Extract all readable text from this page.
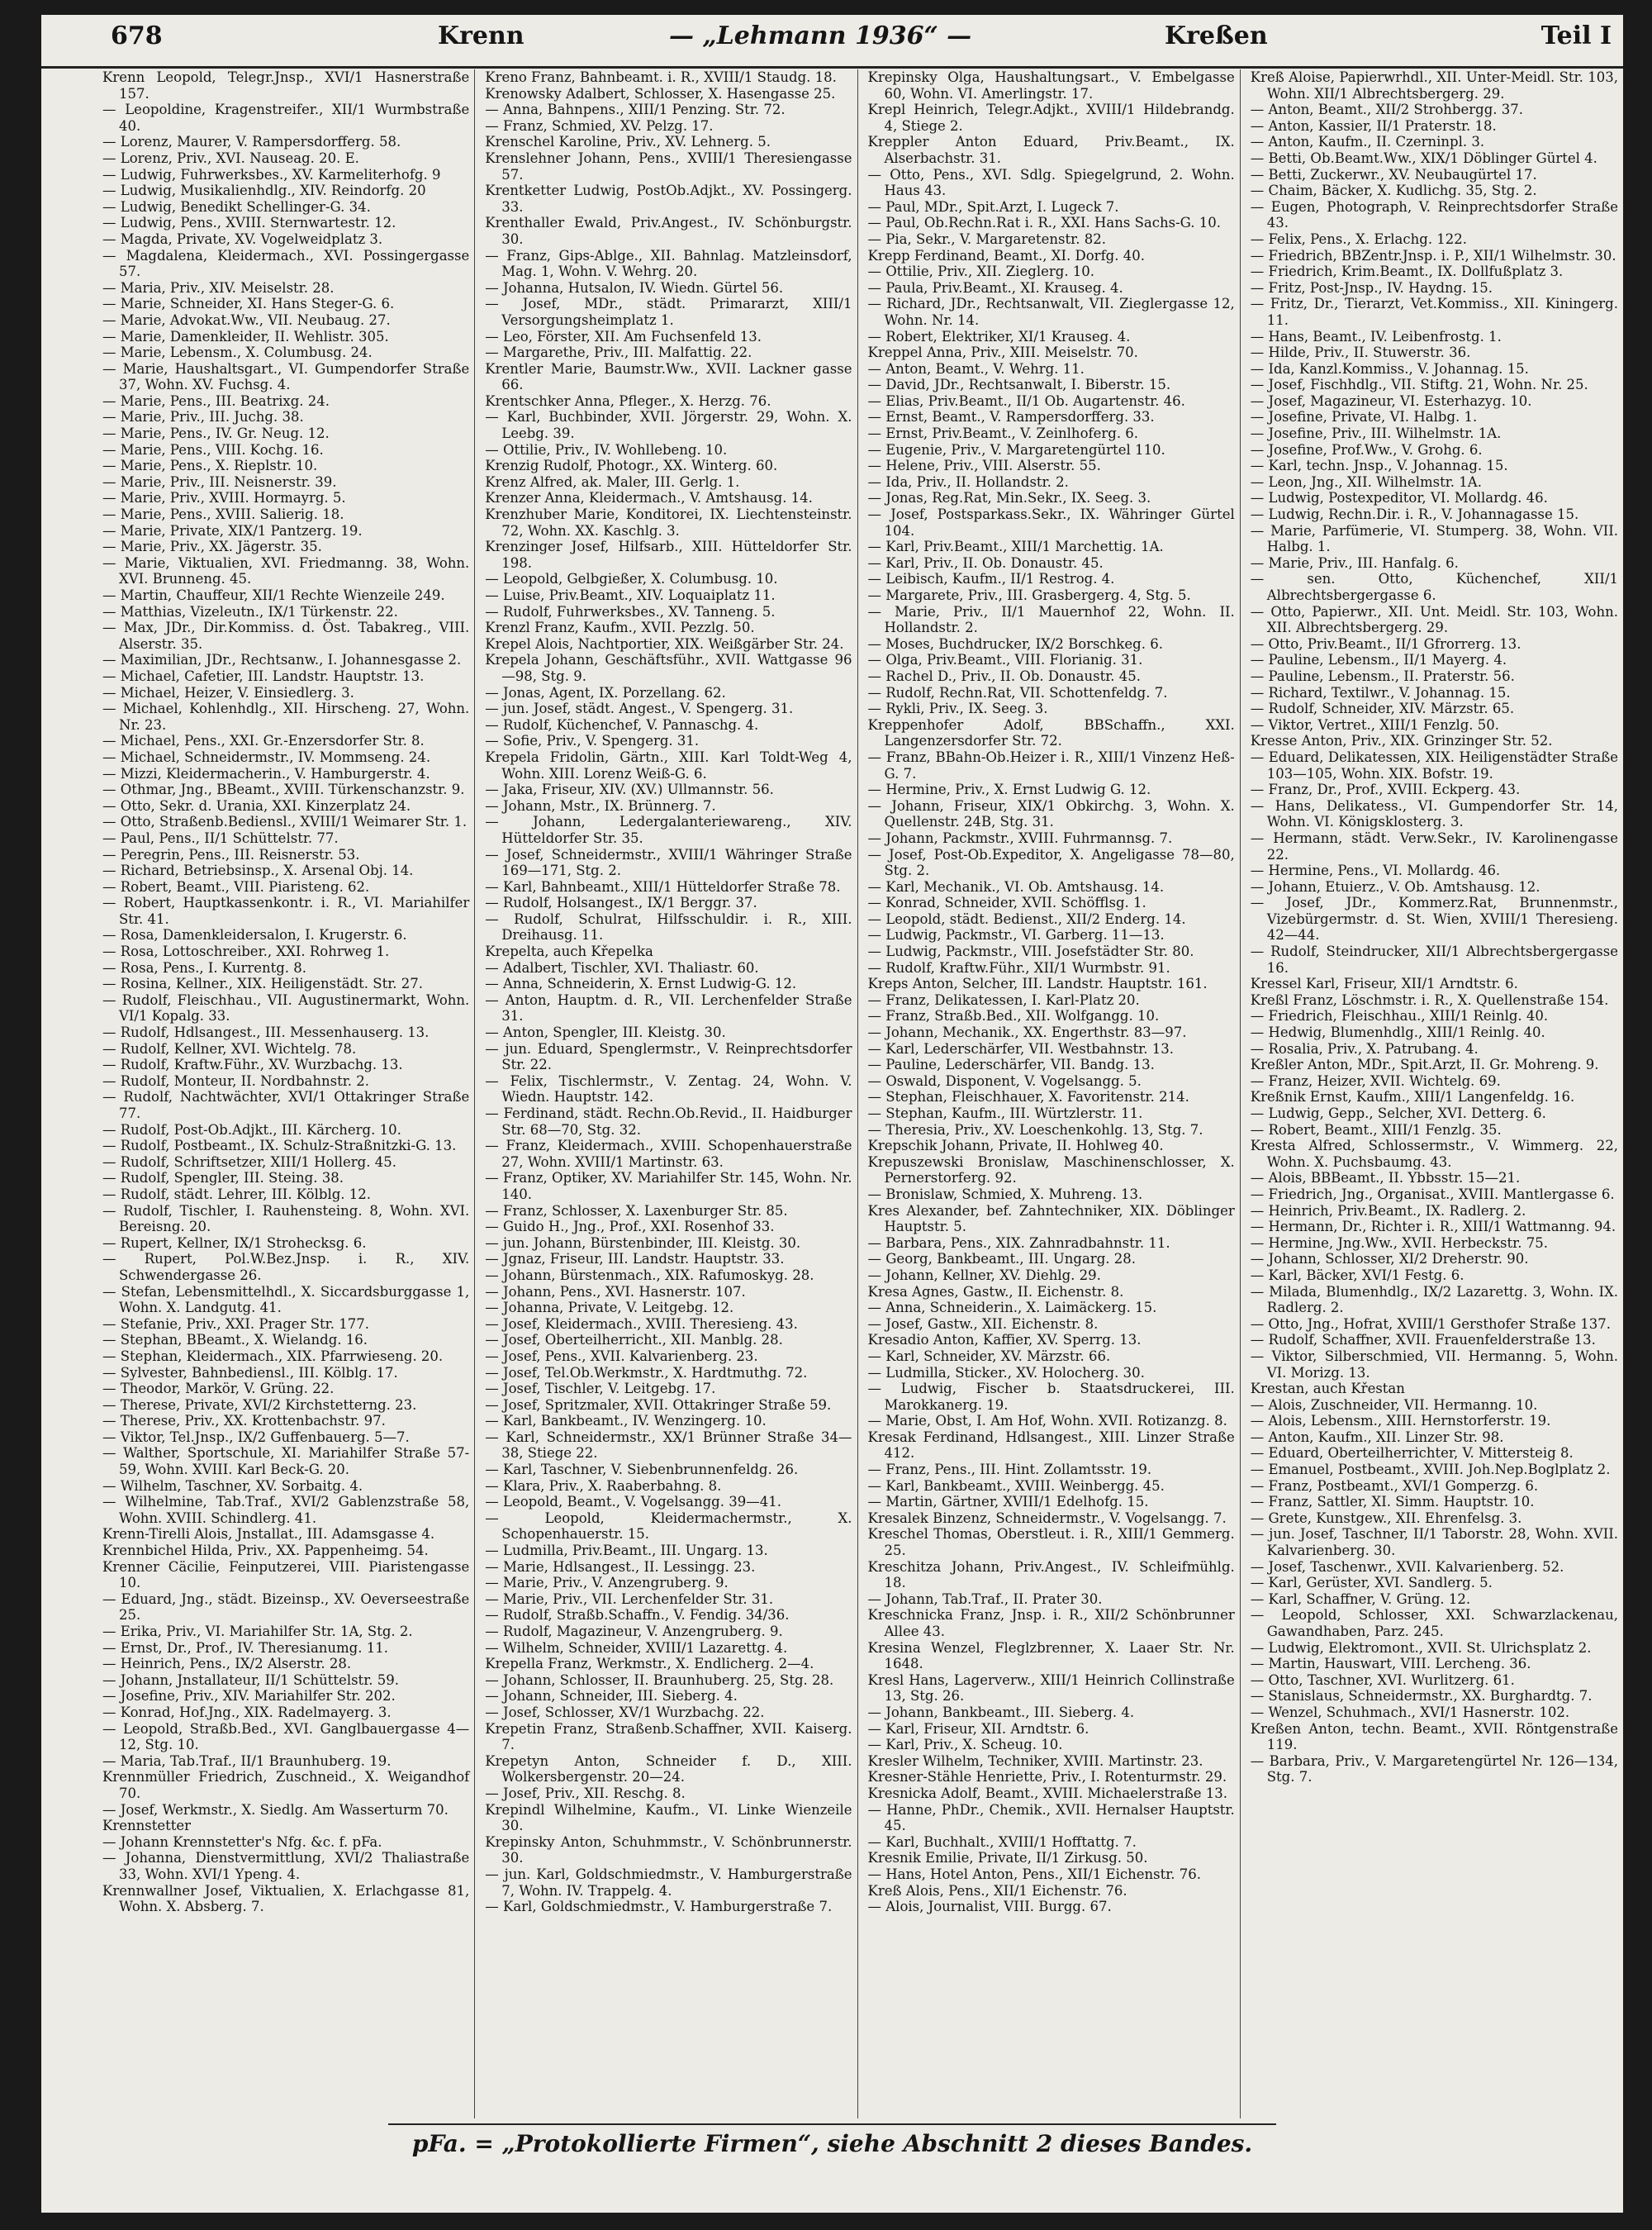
678	Krenn	— „Lehmann 1936“ —	Kreßen	Teil I
Krenn Leopold, Telegr.Jnsp., XVI/1 Hasnerstraße 157.
— Leopoldine, Kragenstreifer., XII/1 Wurmbstraße 40.
— Lorenz, Maurer, V. Rampersdorfferg. 58.
— Lorenz, Priv., XVI. Nauseag. 20. E.
— Ludwig, Fuhrwerksbes., XV. Karmeliterhofg. 9
— Ludwig, Musikalienhdlg., XIV. Reindorfg. 20
— Ludwig, Benedikt Schellinger-G. 34.
— Ludwig, Pens., XVIII. Sternwartestr. 12.
— Magda, Private, XV. Vogelweidplatz 3.
— Magdalena, Kleidermach., XVI. Possingergasse 57.
— Maria, Priv., XIV. Meiselstr. 28.
— Marie, Schneider, XI. Hans Steger-G. 6.
— Marie, Advokat.Ww., VII. Neubaug. 27.
— Marie, Damenkleider, II. Wehlistr. 305.
— Marie, Lebensm., X. Columbusg. 24.
— Marie, Haushaltsgart., VI. Gumpendorfer Straße 37, Wohn. XV. Fuchsg. 4.
— Marie, Pens., III. Beatrixg. 24.
— Marie, Priv., III. Juchg. 38.
— Marie, Pens., IV. Gr. Neug. 12.
— Marie, Pens., VIII. Kochg. 16.
— Marie, Pens., X. Rieplstr. 10.
— Marie, Priv., III. Neisnerstr. 39.
— Marie, Priv., XVIII. Hormayrg. 5.
— Marie, Pens., XVIII. Salierig. 18.
— Marie, Private, XIX/1 Pantzerg. 19.
— Marie, Priv., XX. Jägerstr. 35.
— Marie, Viktualien, XVI. Friedmanng. 38, Wohn. XVI. Brunneng. 45.
— Martin, Chauffeur, XII/1 Rechte Wienzeile 249.
— Matthias, Vizeleutn., IX/1 Türkenstr. 22.
— Max, JDr., Dir.Kommiss. d. Öst. Tabakreg., VIII. Alserstr. 35.
— Maximilian, JDr., Rechtsanw., I. Johannesgasse 2.
— Michael, Cafetier, III. Landstr. Hauptstr. 13.
— Michael, Heizer, V. Einsiedlerg. 3.
— Michael, Kohlenhdlg., XII. Hirscheng. 27, Wohn. Nr. 23.
— Michael, Pens., XXI. Gr.-Enzersdorfer Str. 8.
— Michael, Schneidermstr., IV. Mommseng. 24.
— Mizzi, Kleidermacherin., V. Hamburgerstr. 4.
— Othmar, Jng., BBeamt., XVIII. Türkenschanzstr. 9.
— Otto, Sekr. d. Urania, XXI. Kinzerplatz 24.
— Otto, Straßenb.Bediensl., XVIII/1 Weimarer Str. 1.
— Paul, Pens., II/1 Schüttelstr. 77.
— Peregrin, Pens., III. Reisnerstr. 53.
— Richard, Betriebsinsp., X. Arsenal Obj. 14.
— Robert, Beamt., VIII. Piaristeng. 62.
— Robert, Hauptkassenkontr. i. R., VI. Mariahilfer Str. 41.
— Rosa, Damenkleidersalon, I. Krugerstr. 6.
— Rosa, Lottoschreiber., XXI. Rohrweg 1.
— Rosa, Pens., I. Kurrentg. 8.
— Rosina, Kellner., XIX. Heiligenstädt. Str. 27.
— Rudolf, Fleischhau., VII. Augustinermarkt, Wohn. VI/1 Kopalg. 33.
— Rudolf, Hdlsangest., III. Messenhauserg. 13.
— Rudolf, Kellner, XVI. Wichtelg. 78.
— Rudolf, Kraftw.Führ., XV. Wurzbachg. 13.
— Rudolf, Monteur, II. Nordbahnstr. 2.
— Rudolf, Nachtwächter, XVI/1 Ottakringer Straße 77.
— Rudolf, Post-Ob.Adjkt., III. Kärcherg. 10.
— Rudolf, Postbeamt., IX. Schulz-Straßnitzki-G. 13.
— Rudolf, Schriftsetzer, XIII/1 Hollerg. 45.
— Rudolf, Spengler, III. Steing. 38.
— Rudolf, städt. Lehrer, III. Kölblg. 12.
— Rudolf, Tischler, I. Rauhensteing. 8, Wohn. XVI. Bereisng. 20.
— Rupert, Kellner, IX/1 Strohecksg. 6.
— Rupert, Pol.W.Bez.Jnsp. i. R., XIV. Schwendergasse 26.
— Stefan, Lebensmittelhdl., X. Siccardsburggasse 1, Wohn. X. Landgutg. 41.
— Stefanie, Priv., XXI. Prager Str. 177.
— Stephan, BBeamt., X. Wielandg. 16.
— Stephan, Kleidermach., XIX. Pfarrwieseng. 20.
— Sylvester, Bahnbediensl., III. Kölblg. 17.
— Theodor, Markör, V. Grüng. 22.
— Therese, Private, XVI/2 Kirchstetterng. 23.
— Therese, Priv., XX. Krottenbachstr. 97.
— Viktor, Tel.Jnsp., IX/2 Guffenbauerg. 5—7.
— Walther, Sportschule, XI. Mariahilfer Straße 57-59, Wohn. XVIII. Karl Beck-G. 20.
— Wilhelm, Taschner, XV. Sorbaitg. 4.
— Wilhelmine, Tab.Traf., XVI/2 Gablenzstraße 58, Wohn. XVIII. Schindlerg. 41.
Krenn-Tirelli Alois, Jnstallat., III. Adamsgasse 4.
Krennbichel Hilda, Priv., XX. Pappenheimg. 54.
Krenner Cäcilie, Feinputzerei, VIII. Piaristengasse 10.
— Eduard, Jng., städt. Bizeinsp., XV. Oeverseestraße 25.
— Erika, Priv., VI. Mariahilfer Str. 1A, Stg. 2.
— Ernst, Dr., Prof., IV. Theresianumg. 11.
— Heinrich, Pens., IX/2 Alserstr. 28.
— Johann, Jnstallateur, II/1 Schüttelstr. 59.
— Josefine, Priv., XIV. Mariahilfer Str. 202.
— Konrad, Hof.Jng., XIX. Radelmayerg. 3.
— Leopold, Straßb.Bed., XVI. Ganglbauergasse 4—12, Stg. 10.
— Maria, Tab.Traf., II/1 Braunhuberg. 19.
Krennmüller Friedrich, Zuschneid., X. Weigandhof 70.
— Josef, Werkmstr., X. Siedlg. Am Wasserturm 70.
Krennstetter
— Johann Krennstetter's Nfg. &c. f. pFa.
— Johanna, Dienstvermittlung, XVI/2 Thaliastraße 33, Wohn. XVI/1 Ypeng. 4.
Krennwallner Josef, Viktualien, X. Erlachgasse 81, Wohn. X. Absberg. 7.
Kreno Franz, Bahnbeamt. i. R., XVIII/1 Staudg. 18.
Krenowsky Adalbert, Schlosser, X. Hasengasse 25.
— Anna, Bahnpens., XIII/1 Penzing. Str. 72.
— Franz, Schmied, XV. Pelzg. 17.
Krenschel Karoline, Priv., XV. Lehnerg. 5.
Krenslehner Johann, Pens., XVIII/1 Theresiengasse 57.
Krentketter Ludwig, PostOb.Adjkt., XV. Possingerg. 33.
Krenthaller Ewald, Priv.Angest., IV. Schönburgstr. 30.
— Franz, Gips-Ablge., XII. Bahnlag. Matzleinsdorf, Mag. 1, Wohn. V. Wehrg. 20.
— Johanna, Hutsalon, IV. Wiedn. Gürtel 56.
— Josef, MDr., städt. Primararzt, XIII/1 Versorgungsheimplatz 1.
— Leo, Förster, XII. Am Fuchsenfeld 13.
— Margarethe, Priv., III. Malfattig. 22.
Krentler Marie, Baumstr.Ww., XVII. Lackner gasse 66.
Krentschker Anna, Pfleger., X. Herzg. 76.
— Karl, Buchbinder, XVII. Jörgerstr. 29, Wohn. X. Leebg. 39.
— Ottilie, Priv., IV. Wohllebeng. 10.
Krenzig Rudolf, Photogr., XX. Winterg. 60.
Krenz Alfred, ak. Maler, III. Gerlg. 1.
Krenzer Anna, Kleidermach., V. Amtshausg. 14.
Krenzhuber Marie, Konditorei, IX. Liechtensteinstr. 72, Wohn. XX. Kaschlg. 3.
Krenzinger Josef, Hilfsarb., XIII. Hütteldorfer Str. 198.
— Leopold, Gelbgießer, X. Columbusg. 10.
— Luise, Priv.Beamt., XIV. Loquaiplatz 11.
— Rudolf, Fuhrwerksbes., XV. Tanneng. 5.
Krenzl Franz, Kaufm., XVII. Pezzlg. 50.
Krepel Alois, Nachtportier, XIX. Weißgärber Str. 24.
Krepela Johann, Geschäftsführ., XVII. Wattgasse 96—98, Stg. 9.
— Jonas, Agent, IX. Porzellang. 62.
— jun. Josef, städt. Angest., V. Spengerg. 31.
— Rudolf, Küchenchef, V. Pannaschg. 4.
— Sofie, Priv., V. Spengerg. 31.
Krepela Fridolin, Gärtn., XIII. Karl Toldt-Weg 4, Wohn. XIII. Lorenz Weiß-G. 6.
— Jaka, Friseur, XIV. (XV.) Ullmannstr. 56.
— Johann, Mstr., IX. Brünnerg. 7.
— Johann, Ledergalanteriewareng., XIV. Hütteldorfer Str. 35.
— Josef, Schneidermstr., XVIII/1 Währinger Straße 169—171, Stg. 2.
— Karl, Bahnbeamt., XIII/1 Hütteldorfer Straße 78.
— Rudolf, Holsangest., IX/1 Berggr. 37.
— Rudolf, Schulrat, Hilfsschuldir. i. R., XIII. Dreihausg. 11.
Krepelta, auch Křepelka
— Adalbert, Tischler, XVI. Thaliastr. 60.
— Anna, Schneiderin, X. Ernst Ludwig-G. 12.
— Anton, Hauptm. d. R., VII. Lerchenfelder Straße 31.
— Anton, Spengler, III. Kleistg. 30.
— jun. Eduard, Spenglermstr., V. Reinprechtsdorfer Str. 22.
— Felix, Tischlermstr., V. Zentag. 24, Wohn. V. Wiedn. Hauptstr. 142.
— Ferdinand, städt. Rechn.Ob.Revid., II. Haidburger Str. 68—70, Stg. 32.
— Franz, Kleidermach., XVIII. Schopenhauerstraße 27, Wohn. XVIII/1 Martinstr. 63.
— Franz, Optiker, XV. Mariahilfer Str. 145, Wohn. Nr. 140.
— Franz, Schlosser, X. Laxenburger Str. 85.
— Guido H., Jng., Prof., XXI. Rosenhof 33.
— jun. Johann, Bürstenbinder, III. Kleistg. 30.
— Jgnaz, Friseur, III. Landstr. Hauptstr. 33.
— Johann, Bürstenmach., XIX. Rafumoskyg. 28.
— Johann, Pens., XVI. Hasnerstr. 107.
— Johanna, Private, V. Leitgebg. 12.
— Josef, Kleidermach., XVIII. Theresieng. 43.
— Josef, Oberteilherricht., XII. Manblg. 28.
— Josef, Pens., XVII. Kalvarienberg. 23.
— Josef, Tel.Ob.Werkmstr., X. Hardtmuthg. 72.
— Josef, Tischler, V. Leitgebg. 17.
— Josef, Spritzmaler, XVII. Ottakringer Straße 59.
— Karl, Bankbeamt., IV. Wenzingerg. 10.
— Karl, Schneidermstr., XX/1 Brünner Straße 34—38, Stiege 22.
— Karl, Taschner, V. Siebenbrunnenfeldg. 26.
— Klara, Priv., X. Raaberbahng. 8.
— Leopold, Beamt., V. Vogelsangg. 39—41.
— Leopold, Kleidermachermstr., X. Schopenhauerstr. 15.
— Ludmilla, Priv.Beamt., III. Ungarg. 13.
— Marie, Hdlsangest., II. Lessingg. 23.
— Marie, Priv., V. Anzengruberg. 9.
— Marie, Priv., VII. Lerchenfelder Str. 31.
— Rudolf, Straßb.Schaffn., V. Fendig. 34/36.
— Rudolf, Magazineur, V. Anzengruberg. 9.
— Wilhelm, Schneider, XVIII/1 Lazarettg. 4.
Krepella Franz, Werkmstr., X. Endlicherg. 2—4.
— Johann, Schlosser, II. Braunhuberg. 25, Stg. 28.
— Johann, Schneider, III. Sieberg. 4.
— Josef, Schlosser, XV/1 Wurzbachg. 22.
Krepetin Franz, Straßenb.Schaffner, XVII. Kaiserg. 7.
Krepetyn Anton, Schneider f. D., XIII. Wolkersbergenstr. 20—24.
— Josef, Priv., XII. Reschg. 8.
Krepindl Wilhelmine, Kaufm., VI. Linke Wienzeile 30.
Krepinsky Anton, Schuhmmstr., V. Schönbrunnerstr. 30.
— jun. Karl, Goldschmiedmstr., V. Hamburgerstraße 7, Wohn. IV. Trappelg. 4.
— Karl, Goldschmiedmstr., V. Hamburgerstraße 7.
Krepinsky Olga, Haushaltungsart., V. Embelgasse 60, Wohn. VI. Amerlingstr. 17.
Krepl Heinrich, Telegr.Adjkt., XVIII/1 Hildebrandg. 4, Stiege 2.
Kreppler Anton Eduard, Priv.Beamt., IX. Alserbachstr. 31.
— Otto, Pens., XVI. Sdlg. Spiegelgrund, 2. Wohn. Haus 43.
— Paul, MDr., Spit.Arzt, I. Lugeck 7.
— Paul, Ob.Rechn.Rat i. R., XXI. Hans Sachs-G. 10.
— Pia, Sekr., V. Margaretenstr. 82.
Krepp Ferdinand, Beamt., XI. Dorfg. 40.
— Ottilie, Priv., XII. Zieglerg. 10.
— Paula, Priv.Beamt., XI. Krauseg. 4.
— Richard, JDr., Rechtsanwalt, VII. Zieglergasse 12, Wohn. Nr. 14.
— Robert, Elektriker, XI/1 Krauseg. 4.
Kreppel Anna, Priv., XIII. Meiselstr. 70.
— Anton, Beamt., V. Wehrg. 11.
— David, JDr., Rechtsanwalt, I. Biberstr. 15.
— Elias, Priv.Beamt., II/1 Ob. Augartenstr. 46.
— Ernst, Beamt., V. Rampersdorfferg. 33.
— Ernst, Priv.Beamt., V. Zeinlhoferg. 6.
— Eugenie, Priv., V. Margaretengürtel 110.
— Helene, Priv., VIII. Alserstr. 55.
— Ida, Priv., II. Hollandstr. 2.
— Jonas, Reg.Rat, Min.Sekr., IX. Seeg. 3.
— Josef, Postsparkass.Sekr., IX. Währinger Gürtel 104.
— Karl, Priv.Beamt., XIII/1 Marchettig. 1A.
— Karl, Priv., II. Ob. Donaustr. 45.
— Leibisch, Kaufm., II/1 Restrog. 4.
— Margarete, Priv., III. Grasbergerg. 4, Stg. 5.
— Marie, Priv., II/1 Mauernhof 22, Wohn. II. Hollandstr. 2.
— Moses, Buchdrucker, IX/2 Borschkeg. 6.
— Olga, Priv.Beamt., VIII. Florianig. 31.
— Rachel D., Priv., II. Ob. Donaustr. 45.
— Rudolf, Rechn.Rat, VII. Schottenfeldg. 7.
— Rykli, Priv., IX. Seeg. 3.
Kreppenhofer Adolf, BBSchaffn., XXI. Langenzersdorfer Str. 72.
— Franz, BBahn-Ob.Heizer i. R., XIII/1 Vinzenz Heß-G. 7.
— Hermine, Priv., X. Ernst Ludwig G. 12.
— Johann, Friseur, XIX/1 Obkirchg. 3, Wohn. X. Quellenstr. 24B, Stg. 31.
— Johann, Packmstr., XVIII. Fuhrmannsg. 7.
— Josef, Post-Ob.Expeditor, X. Angeligasse 78—80, Stg. 2.
— Karl, Mechanik., VI. Ob. Amtshausg. 14.
— Konrad, Schneider, XVII. Schöfflsg. 1.
— Leopold, städt. Bedienst., XII/2 Enderg. 14.
— Ludwig, Packmstr., VI. Garberg. 11—13.
— Ludwig, Packmstr., VIII. Josefstädter Str. 80.
— Rudolf, Kraftw.Führ., XII/1 Wurmbstr. 91.
Kreps Anton, Selcher, III. Landstr. Hauptstr. 161.
— Franz, Delikatessen, I. Karl-Platz 20.
— Franz, Straßb.Bed., XII. Wolfgangg. 10.
— Johann, Mechanik., XX. Engerthstr. 83—97.
— Karl, Lederschärfer, VII. Westbahnstr. 13.
— Pauline, Lederschärfer, VII. Bandg. 13.
— Oswald, Disponent, V. Vogelsangg. 5.
— Stephan, Fleischhauer, X. Favoritenstr. 214.
— Stephan, Kaufm., III. Würtzlerstr. 11.
— Theresia, Priv., XV. Loeschenkohlg. 13, Stg. 7.
Krepschik Johann, Private, II. Hohlweg 40.
Krepuszewski Bronislaw, Maschinenschlosser, X. Pernerstorferg. 92.
— Bronislaw, Schmied, X. Muhreng. 13.
Kres Alexander, bef. Zahntechniker, XIX. Döblinger Hauptstr. 5.
— Barbara, Pens., XIX. Zahnradbahnstr. 11.
— Georg, Bankbeamt., III. Ungarg. 28.
— Johann, Kellner, XV. Diehlg. 29.
Kresa Agnes, Gastw., II. Eichenstr. 8.
— Anna, Schneiderin., X. Laimäckerg. 15.
— Josef, Gastw., XII. Eichenstr. 8.
Kresadio Anton, Kaffier, XV. Sperrg. 13.
— Karl, Schneider, XV. Märzstr. 66.
— Ludmilla, Sticker., XV. Holocherg. 30.
— Ludwig, Fischer b. Staatsdruckerei, III. Marokkanerg. 19.
— Marie, Obst, I. Am Hof, Wohn. XVII. Rotizanzg. 8.
Kresak Ferdinand, Hdlsangest., XIII. Linzer Straße 412.
— Franz, Pens., III. Hint. Zollamtsstr. 19.
— Karl, Bankbeamt., XVIII. Weinbergg. 45.
— Martin, Gärtner, XVIII/1 Edelhofg. 15.
Kresalek Binzenz, Schneidermstr., V. Vogelsangg. 7.
Kreschel Thomas, Oberstleut. i. R., XIII/1 Gemmerg. 25.
Kreschitza Johann, Priv.Angest., IV. Schleifmühlg. 18.
— Johann, Tab.Traf., II. Prater 30.
Kreschnicka Franz, Jnsp. i. R., XII/2 Schönbrunner Allee 43.
Kresina Wenzel, Fleglzbrenner, X. Laaer Str. Nr. 1648.
Kresl Hans, Lagerverw., XIII/1 Heinrich Collinstraße 13, Stg. 26.
— Johann, Bankbeamt., III. Sieberg. 4.
— Karl, Friseur, XII. Arndtstr. 6.
— Karl, Priv., X. Scheug. 10.
Kresler Wilhelm, Techniker, XVIII. Martinstr. 23.
Kresner-Stähle Henriette, Priv., I. Rotenturmstr. 29.
Kresnicka Adolf, Beamt., XVIII. Michaelerstraße 13.
— Hanne, PhDr., Chemik., XVII. Hernalser Hauptstr. 45.
— Karl, Buchhalt., XVIII/1 Hofftattg. 7.
Kresnik Emilie, Private, II/1 Zirkusg. 50.
— Hans, Hotel Anton, Pens., XII/1 Eichenstr. 76.
Kreß Alois, Pens., XII/1 Eichenstr. 76.
— Alois, Journalist, VIII. Burgg. 67.
Kreß Aloise, Papierwrhdl., XII. Unter-Meidl. Str. 103, Wohn. XII/1 Albrechtsbergerg. 29.
— Anton, Beamt., XII/2 Strohbergg. 37.
— Anton, Kassier, II/1 Praterstr. 18.
— Anton, Kaufm., II. Czerninpl. 3.
— Betti, Ob.Beamt.Ww., XIX/1 Döblinger Gürtel 4.
— Betti, Zuckerwr., XV. Neubaugürtel 17.
— Chaim, Bäcker, X. Kudlichg. 35, Stg. 2.
— Eugen, Photograph, V. Reinprechtsdorfer Straße 43.
— Felix, Pens., X. Erlachg. 122.
— Friedrich, BBZentr.Jnsp. i. P., XII/1 Wilhelmstr. 30.
— Friedrich, Krim.Beamt., IX. Dollfußplatz 3.
— Fritz, Post-Jnsp., IV. Haydng. 15.
— Fritz, Dr., Tierarzt, Vet.Kommiss., XII. Kiningerg. 11.
— Hans, Beamt., IV. Leibenfrostg. 1.
— Hilde, Priv., II. Stuwerstr. 36.
— Ida, Kanzl.Kommiss., V. Johannag. 15.
— Josef, Fischhdlg., VII. Stiftg. 21, Wohn. Nr. 25.
— Josef, Magazineur, VI. Esterhazyg. 10.
— Josefine, Private, VI. Halbg. 1.
— Josefine, Priv., III. Wilhelmstr. 1A.
— Josefine, Prof.Ww., V. Grohg. 6.
— Karl, techn. Jnsp., V. Johannag. 15.
— Leon, Jng., XII. Wilhelmstr. 1A.
— Ludwig, Postexpeditor, VI. Mollardg. 46.
— Ludwig, Rechn.Dir. i. R., V. Johannagasse 15.
— Marie, Parfümerie, VI. Stumperg. 38, Wohn. VII. Halbg. 1.
— Marie, Priv., III. Hanfalg. 6.
— sen. Otto, Küchenchef, XII/1 Albrechtsbergergasse 6.
— Otto, Papierwr., XII. Unt. Meidl. Str. 103, Wohn. XII. Albrechtsbergerg. 29.
— Otto, Priv.Beamt., II/1 Gfrorrerg. 13.
— Pauline, Lebensm., II/1 Mayerg. 4.
— Pauline, Lebensm., II. Praterstr. 56.
— Richard, Textilwr., V. Johannag. 15.
— Rudolf, Schneider, XIV. Märzstr. 65.
— Viktor, Vertret., XIII/1 Fenzlg. 50.
Kresse Anton, Priv., XIX. Grinzinger Str. 52.
— Eduard, Delikatessen, XIX. Heiligenstädter Straße 103—105, Wohn. XIX. Bofstr. 19.
— Franz, Dr., Prof., XVIII. Eckperg. 43.
— Hans, Delikatess., VI. Gumpendorfer Str. 14, Wohn. VI. Königsklosterg. 3.
— Hermann, städt. Verw.Sekr., IV. Karolinengasse 22.
— Hermine, Pens., VI. Mollardg. 46.
— Johann, Etuierz., V. Ob. Amtshausg. 12.
— Josef, JDr., Kommerz.Rat, Brunnenmstr., Vizebürgermstr. d. St. Wien, XVIII/1 Theresieng. 42—44.
— Rudolf, Steindrucker, XII/1 Albrechtsbergergasse 16.
Kressel Karl, Friseur, XII/1 Arndtstr. 6.
Kreßl Franz, Löschmstr. i. R., X. Quellenstraße 154.
— Friedrich, Fleischhau., XIII/1 Reinlg. 40.
— Hedwig, Blumenhdlg., XIII/1 Reinlg. 40.
— Rosalia, Priv., X. Patrubang. 4.
Kreßler Anton, MDr., Spit.Arzt, II. Gr. Mohreng. 9.
— Franz, Heizer, XVII. Wichtelg. 69.
Kreßnik Ernst, Kaufm., XIII/1 Langenfeldg. 16.
— Ludwig, Gepp., Selcher, XVI. Detterg. 6.
— Robert, Beamt., XIII/1 Fenzlg. 35.
Kresta Alfred, Schlossermstr., V. Wimmerg. 22, Wohn. X. Puchsbaumg. 43.
— Alois, BBBeamt., II. Ybbsstr. 15—21.
— Friedrich, Jng., Organisat., XVIII. Mantlergasse 6.
— Heinrich, Priv.Beamt., IX. Radlerg. 2.
— Hermann, Dr., Richter i. R., XIII/1 Wattmanng. 94.
— Hermine, Jng.Ww., XVII. Herbeckstr. 75.
— Johann, Schlosser, XI/2 Dreherstr. 90.
— Karl, Bäcker, XVI/1 Festg. 6.
— Milada, Blumenhdlg., IX/2 Lazarettg. 3, Wohn. IX. Radlerg. 2.
— Otto, Jng., Hofrat, XVIII/1 Gersthofer Straße 137.
— Rudolf, Schaffner, XVII. Frauenfelderstraße 13.
— Viktor, Silberschmied, VII. Hermanng. 5, Wohn. VI. Morizg. 13.
Krestan, auch Křestan
— Alois, Zuschneider, VII. Hermanng. 10.
— Alois, Lebensm., XIII. Hernstorferstr. 19.
— Anton, Kaufm., XII. Linzer Str. 98.
— Eduard, Oberteilherrichter, V. Mittersteig 8.
— Emanuel, Postbeamt., XVIII. Joh.Nep.Boglplatz 2.
— Franz, Postbeamt., XVI/1 Gomperzg. 6.
— Franz, Sattler, XI. Simm. Hauptstr. 10.
— Grete, Kunstgew., XII. Ehrenfelsg. 3.
— jun. Josef, Taschner, II/1 Taborstr. 28, Wohn. XVII. Kalvarienberg. 30.
— Josef, Taschenwr., XVII. Kalvarienberg. 52.
— Karl, Gerüster, XVI. Sandlerg. 5.
— Karl, Schaffner, V. Grüng. 12.
— Leopold, Schlosser, XXI. Schwarzlackenau, Gawandhaben, Parz. 245.
— Ludwig, Elektromont., XVII. St. Ulrichsplatz 2.
— Martin, Hauswart, VIII. Lercheng. 36.
— Otto, Taschner, XVI. Wurlitzerg. 61.
— Stanislaus, Schneidermstr., XX. Burghardtg. 7.
— Wenzel, Schuhmach., XVI/1 Hasnerstr. 102.
Kreßen Anton, techn. Beamt., XVII. Röntgenstraße 119.
— Barbara, Priv., V. Margaretengürtel Nr. 126—134, Stg. 7.
pFa. = „Protokollierte Firmen“, siehe Abschnitt 2 dieses Bandes.
